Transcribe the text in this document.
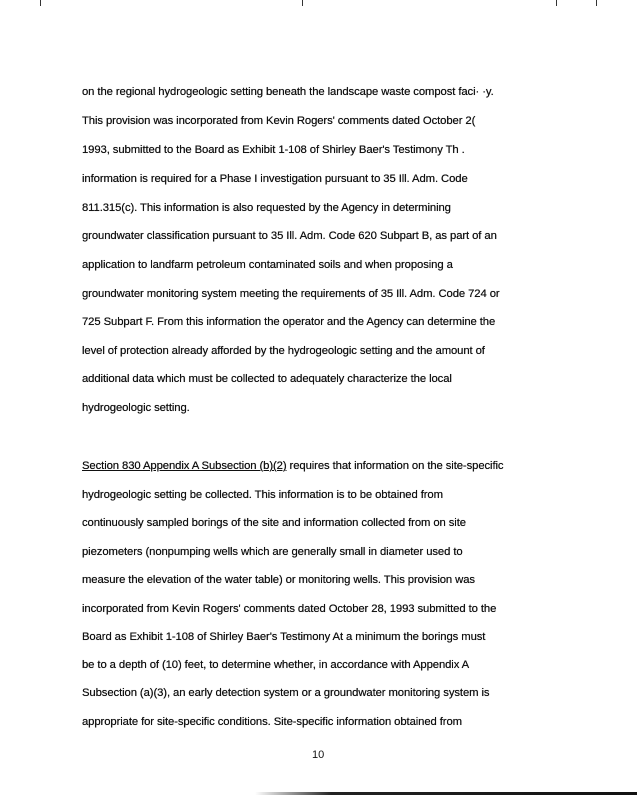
on the regional hydrogeologic setting beneath the landscape waste compost faci· ·y.
This provision was incorporated from Kevin Rogers' comments dated October 2(
1993, submitted to the Board as Exhibit 1-108 of Shirley Baer's Testimony Th .
information is required for a Phase I investigation pursuant to 35 Ill. Adm. Code
811.315(c). This information is also requested by the Agency in determining
groundwater classification pursuant to 35 Ill. Adm. Code 620 Subpart B, as part of an
application to landfarm petroleum contaminated soils and when proposing a
groundwater monitoring system meeting the requirements of 35 Ill. Adm. Code 724 or
725 Subpart F. From this information the operator and the Agency can determine the
level of protection already afforded by the hydrogeologic setting and the amount of
additional data which must be collected to adequately characterize the local
hydrogeologic setting.
Section 830 Appendix A Subsection (b)(2) requires that information on the site-specific
hydrogeologic setting be collected. This information is to be obtained from
continuously sampled borings of the site and information collected from on site
piezometers (nonpumping wells which are generally small in diameter used to
measure the elevation of the water table) or monitoring wells. This provision was
incorporated from Kevin Rogers' comments dated October 28, 1993 submitted to the
Board as Exhibit 1-108 of Shirley Baer's Testimony At a minimum the borings must
be to a depth of (10) feet, to determine whether, in accordance with Appendix A
Subsection (a)(3), an early detection system or a groundwater monitoring system is
appropriate for site-specific conditions. Site-specific information obtained from
10
